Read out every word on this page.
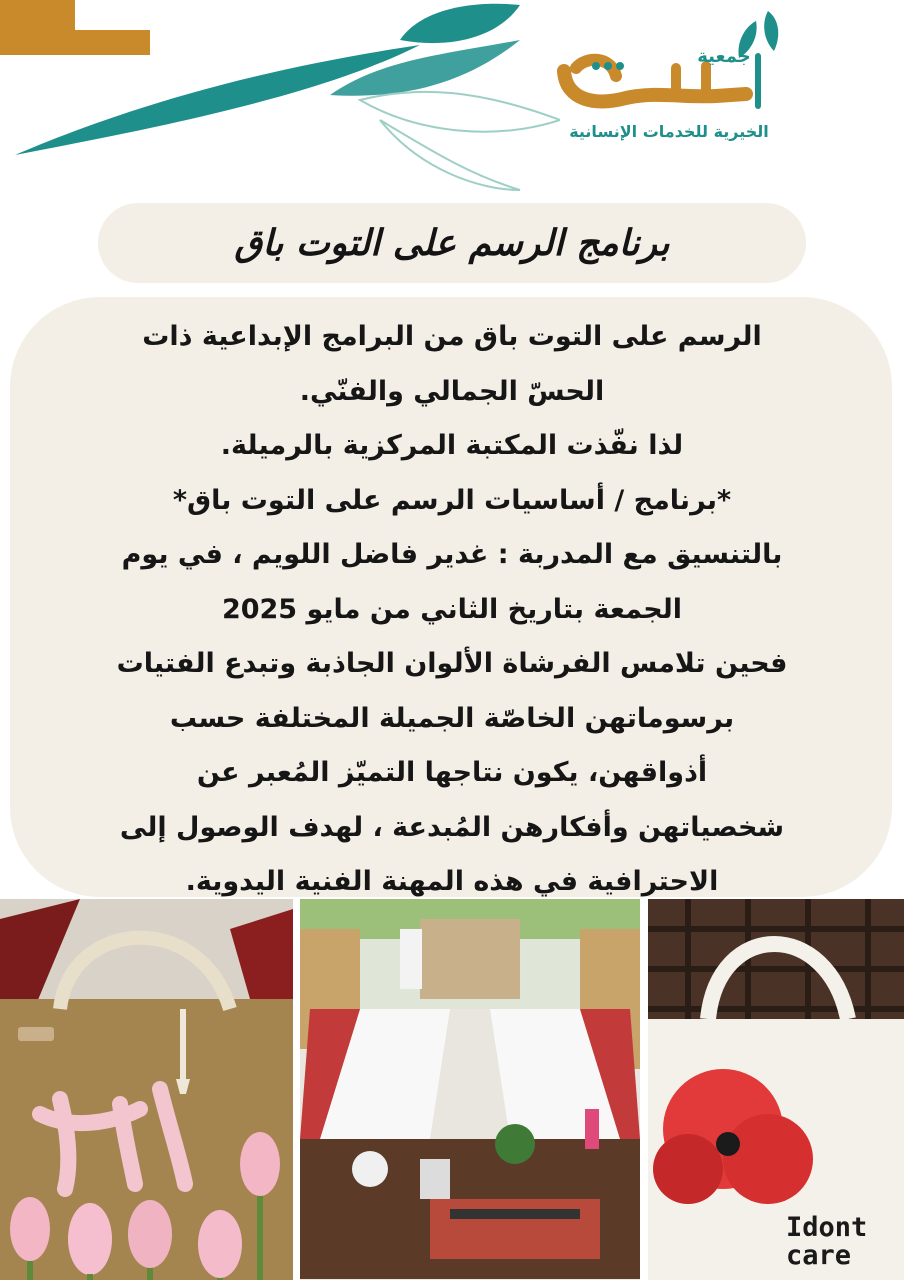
جمعية
الرميلة
الخيرية للخدمات الإنسانية
برنامج الرسم على التوت باق
الرسم على التوت باق من البرامج الإبداعية ذات
الحسّ الجمالي والفنّي.
لذا نفّذت المكتبة المركزية بالرميلة.
*برنامج / أساسيات الرسم على التوت باق*
بالتنسيق مع المدربة : غدير فاضل اللويم ، في يوم
الجمعة بتاريخ الثاني من مايو 2025
فحين تلامس الفرشاة الألوان الجاذبة وتبدع الفتيات
برسوماتهن الخاصّة الجميلة المختلفة حسب
أذواقهن، يكون نتاجها التميّز المُعبر عن
شخصياتهن وأفكارهن المُبدعة ، لهدف الوصول إلى
الاحترافية في هذه المهنة الفنية اليدوية.
Idont
care
